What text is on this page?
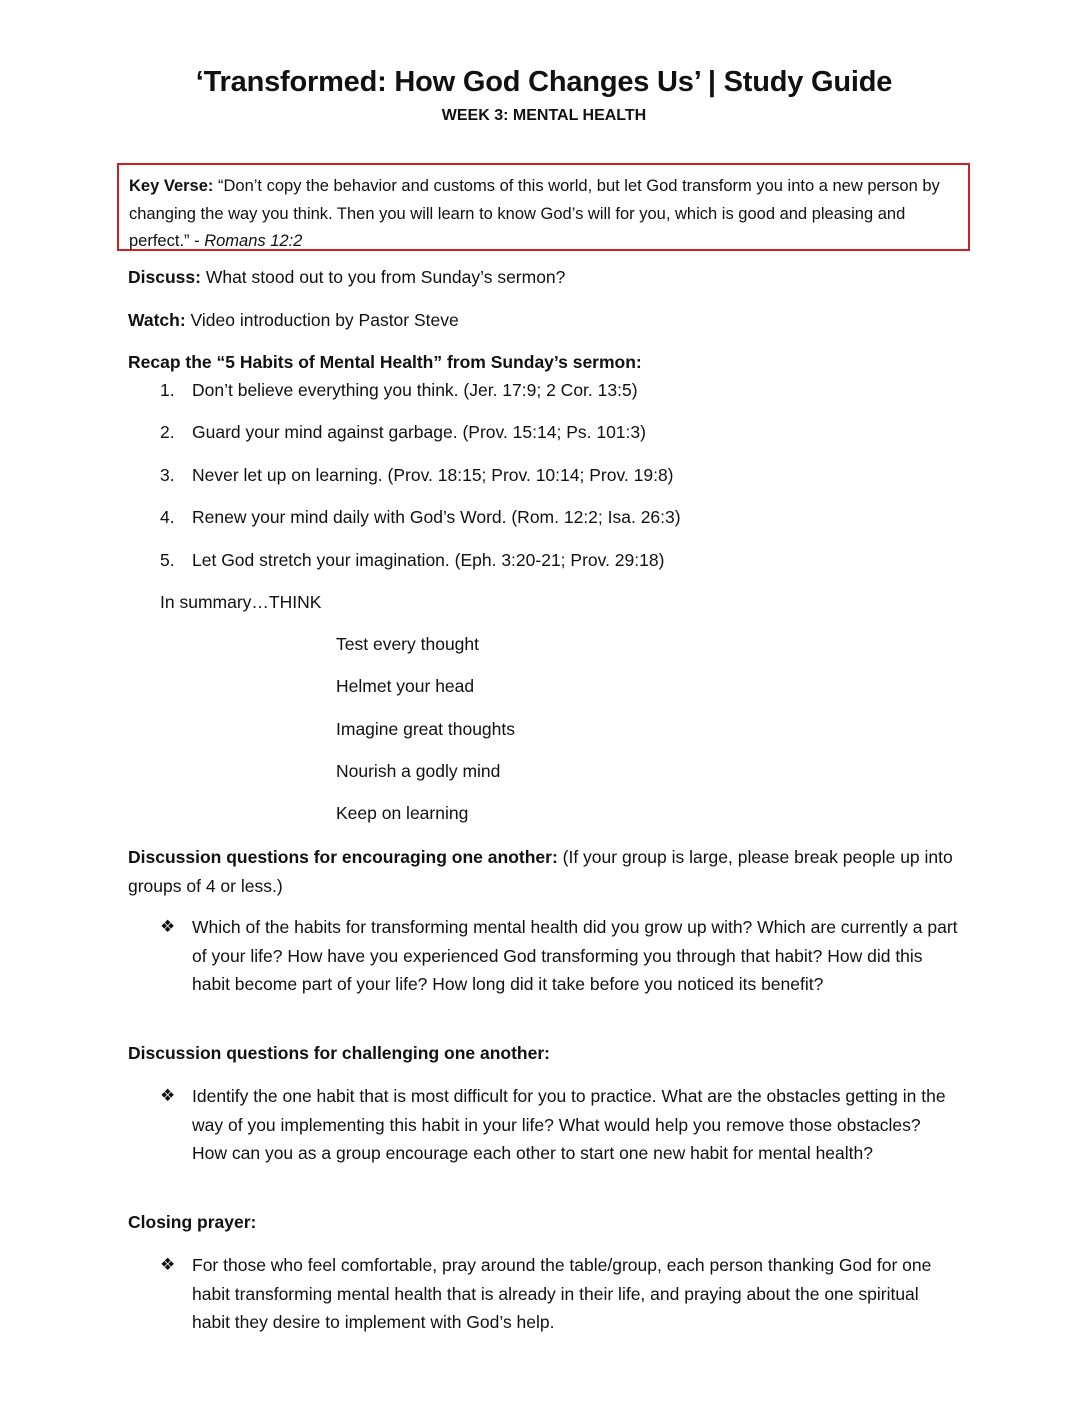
‘Transformed: How God Changes Us’ | Study Guide
WEEK 3: MENTAL HEALTH
Key Verse: “Don’t copy the behavior and customs of this world, but let God transform you into a new person by changing the way you think. Then you will learn to know God’s will for you, which is good and pleasing and perfect.” - Romans 12:2
Discuss: What stood out to you from Sunday’s sermon?
Watch: Video introduction by Pastor Steve
Recap the “5 Habits of Mental Health” from Sunday’s sermon:
1. Don’t believe everything you think. (Jer. 17:9; 2 Cor. 13:5)
2. Guard your mind against garbage. (Prov. 15:14; Ps. 101:3)
3. Never let up on learning. (Prov. 18:15; Prov. 10:14; Prov. 19:8)
4. Renew your mind daily with God’s Word. (Rom. 12:2; Isa. 26:3)
5. Let God stretch your imagination. (Eph. 3:20-21; Prov. 29:18)
In summary…THINK
Test every thought
Helmet your head
Imagine great thoughts
Nourish a godly mind
Keep on learning
Discussion questions for encouraging one another: (If your group is large, please break people up into groups of 4 or less.)
❖ Which of the habits for transforming mental health did you grow up with? Which are currently a part of your life? How have you experienced God transforming you through that habit? How did this habit become part of your life? How long did it take before you noticed its benefit?
Discussion questions for challenging one another:
❖ Identify the one habit that is most difficult for you to practice. What are the obstacles getting in the way of you implementing this habit in your life? What would help you remove those obstacles? How can you as a group encourage each other to start one new habit for mental health?
Closing prayer:
❖ For those who feel comfortable, pray around the table/group, each person thanking God for one habit transforming mental health that is already in their life, and praying about the one spiritual habit they desire to implement with God’s help.
